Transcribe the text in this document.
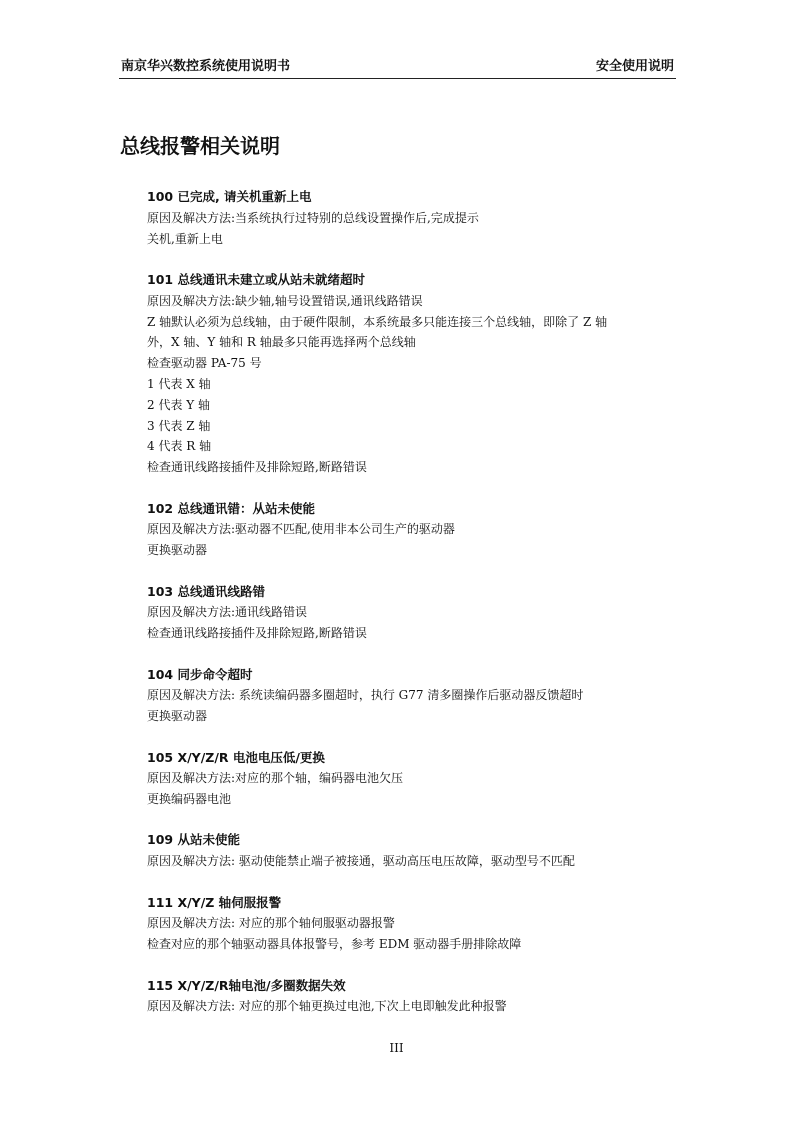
南京华兴数控系统使用说明书	安全使用说明
总线报警相关说明
100 已完成, 请关机重新上电
原因及解决方法:当系统执行过特别的总线设置操作后,完成提示
关机,重新上电
101 总线通讯未建立或从站未就绪超时
原因及解决方法:缺少轴,轴号设置错误,通讯线路错误
Z 轴默认必须为总线轴，由于硬件限制，本系统最多只能连接三个总线轴，即除了 Z 轴
外，X 轴、Y 轴和 R 轴最多只能再选择两个总线轴
检查驱动器 PA-75 号
1 代表 X 轴
2 代表 Y 轴
3 代表 Z 轴
4 代表 R 轴
检查通讯线路接插件及排除短路,断路错误
102 总线通讯错：从站未使能
原因及解决方法:驱动器不匹配,使用非本公司生产的驱动器
更换驱动器
103 总线通讯线路错
原因及解决方法:通讯线路错误
检查通讯线路接插件及排除短路,断路错误
104 同步命令超时
原因及解决方法: 系统读编码器多圈超时，执行 G77 清多圈操作后驱动器反馈超时
更换驱动器
105 X/Y/Z/R 电池电压低/更换
原因及解决方法:对应的那个轴，编码器电池欠压
更换编码器电池
109 从站未使能
原因及解决方法: 驱动使能禁止端子被接通，驱动高压电压故障，驱动型号不匹配
111 X/Y/Z 轴伺服报警
原因及解决方法: 对应的那个轴伺服驱动器报警
检查对应的那个轴驱动器具体报警号，参考 EDM 驱动器手册排除故障
115 X/Y/Z/R轴电池/多圈数据失效
原因及解决方法: 对应的那个轴更换过电池,下次上电即触发此种报警
III
